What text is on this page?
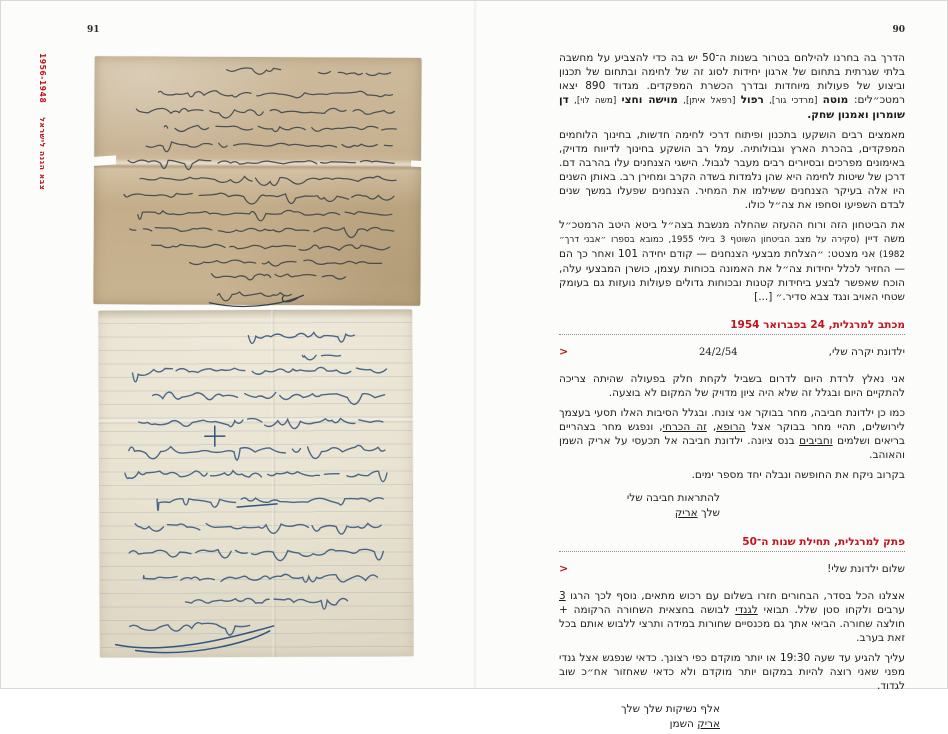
91
צבא הגנה לישראל1956-1948
90

הדרך בה בחרנו להילחם בטרור בשנות ה־50 יש בה כדי להצביע על מחשבה בלתי שגרתית בתחום של ארגון יחידות לסוג זה של לחימה ובתחום של תכנון וביצוע של פעולות מיוחדות ובדרך הכשרת המפקדים. מגדוד 890 יצאו רמטכ״לים: מוטה [מרדכי גור], רפול [רפאל איתן], מוישה וחצי [משה לוי], דן שומרון ואמנון שחק.

מאמצים רבים הושקעו בתכנון ופיתוח דרכי לחימה חדשות, בחינוך הלוחמים המפקדים, בהכרת הארץ וגבולותיה. עמל רב הושקע בחינוך לדיווח מדויק, באימונים מפרכים ובסיורים רבים מעבר לגבול. הישגי הצנחנים עלו בהרבה דם. דרכן של שיטות לחימה היא שהן נלמדות בשדה הקרב ומחירן רב. באותן השנים היו אלה בעיקר הצנחנים ששילמו את המחיר. הצנחנים שפעלו במשך שנים לבדם השפיעו וסחפו את צה״ל כולו.

את הביטחון הזה ורוח ההעזה שהחלה מנשבת בצה״ל ביטא היטב הרמטכ״ל משה דיין (סקירה על מצב הביטחון השוטף 3 ביולי 1955, כמובא בספרו ״אבני דרך״ 1982) אני מצטט: ״הצלחת מבצעי הצנחנים — קודם יחידה 101 ואחר כך הם — החזיר לכלל יחידות צה״ל את האמונה בכוחות עצמן, כושרן המבצעי עלה, הוכח שאפשר לבצע ביחידות קטנות ובכוחות גדולים פעולות נועזות גם בעומק שטחי האויב ונגד צבא סדיר.״ [...]

מכתב למרגלית, 24 בפברואר 1954
<	24/2/54	ילדונת יקרה שלי,

אני נאלץ לרדת היום לדרום בשביל לקחת חלק בפעולה שהיתה צריכה להתקיים היום ובגלל זה שלא היה ציון מדויק של המקום לא בוצעה.

כמו כן ילדונת חביבה, מחר בבוקר אני צונח. ובגלל הסיבות האלו תסעי בעצמך לירושלים, תהיי מחר בבוקר אצל הרופא, זה הכרחי, ונפגש מחר בצהריים בריאים ושלמים וחביבים בנס ציונה. ילדונת חביבה אל תכעסי על אריק השמן והאוהב.

בקרוב ניקח את החופשה ונבלה יחד מספר ימים.

להתראות חביבה שלי
שלך אריק
פתק למרגלית, תחילת שנות ה־50
<	שלום ילדונת שלי!

אצלנו הכל בסדר, הבחורים חזרו בשלום עם רכוש מתאים, נוסף לכך הרגו 3 ערבים ולקחו סטן שלל. תבואי לגנדי לבושה בחצאית השחורה הרקומה + חולצה שחורה. הביאי אתך גם מכנסיים שחורות במידה ותרצי ללבוש אותם בכל זאת בערב.

עליך להגיע עד שעה 19:30 או יותר מוקדם כפי רצונך. כדאי שנפגש אצל גנדי מפני שאני רוצה להיות במקום יותר מוקדם ולא כדאי שאחזור אח״כ שוב לגדוד.

אלף נשיקות שלך שלך
אריק השמן
